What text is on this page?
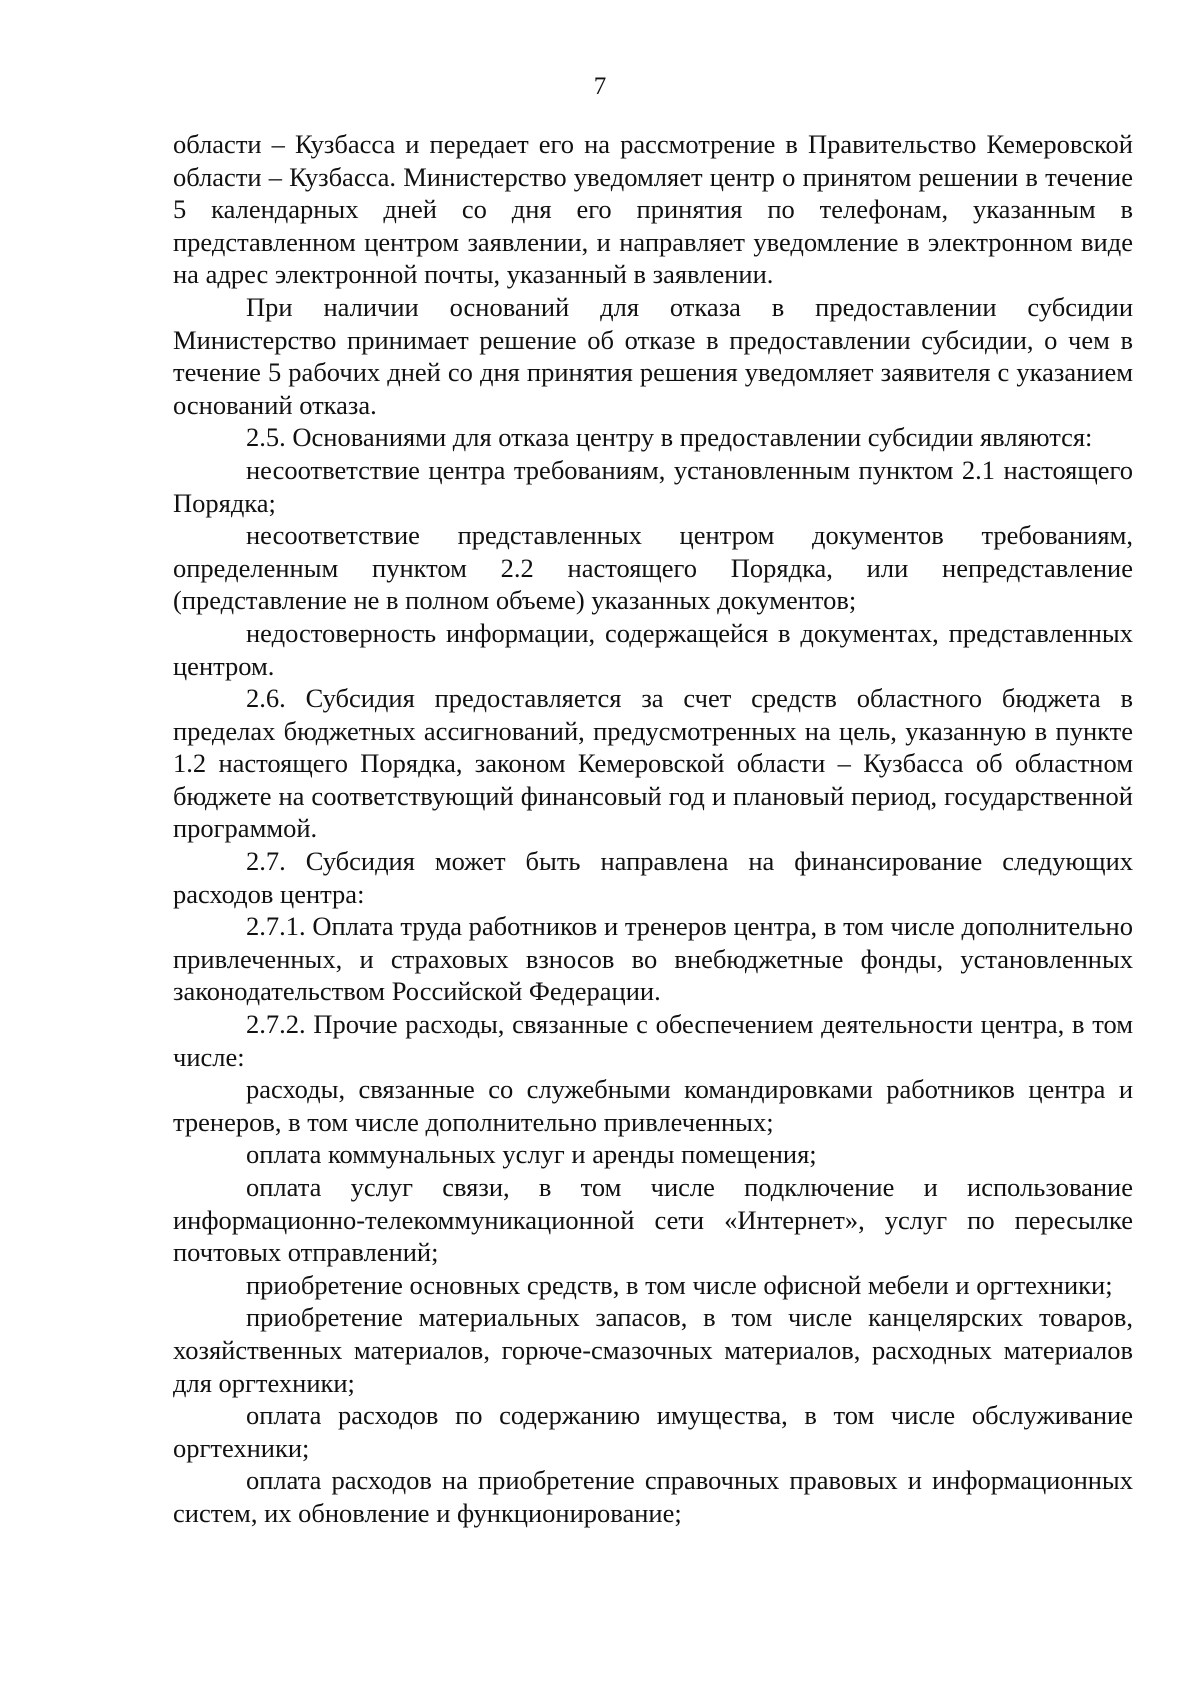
7

области – Кузбасса и передает его на рассмотрение в Правительство Кемеровской области – Кузбасса. Министерство уведомляет центр о принятом решении в течение 5 календарных дней со дня его принятия по телефонам, указанным в представленном центром заявлении, и направляет уведомление в электронном виде на адрес электронной почты, указанный в заявлении.

При наличии оснований для отказа в предоставлении субсидии Министерство принимает решение об отказе в предоставлении субсидии, о чем в течение 5 рабочих дней со дня принятия решения уведомляет заявителя с указанием оснований отказа.

2.5. Основаниями для отказа центру в предоставлении субсидии являются:

несоответствие центра требованиям, установленным пунктом 2.1 настоящего Порядка;

несоответствие представленных центром документов требованиям, определенным пунктом 2.2 настоящего Порядка, или непредставление (представление не в полном объеме) указанных документов;

недостоверность информации, содержащейся в документах, представленных центром.

2.6. Субсидия предоставляется за счет средств областного бюджета в пределах бюджетных ассигнований, предусмотренных на цель, указанную в пункте 1.2 настоящего Порядка, законом Кемеровской области – Кузбасса об областном бюджете на соответствующий финансовый год и плановый период, государственной программой.

2.7. Субсидия может быть направлена на финансирование следующих расходов центра:

2.7.1. Оплата труда работников и тренеров центра, в том числе дополнительно привлеченных, и страховых взносов во внебюджетные фонды, установленных законодательством Российской Федерации.

2.7.2. Прочие расходы, связанные с обеспечением деятельности центра, в том числе:

расходы, связанные со служебными командировками работников центра и тренеров, в том числе дополнительно привлеченных;

оплата коммунальных услуг и аренды помещения;

оплата услуг связи, в том числе подключение и использование информационно-телекоммуникационной сети «Интернет», услуг по пересылке почтовых отправлений;

приобретение основных средств, в том числе офисной мебели и оргтехники;

приобретение материальных запасов, в том числе канцелярских товаров, хозяйственных материалов, горюче-смазочных материалов, расходных материалов для оргтехники;

оплата расходов по содержанию имущества, в том числе обслуживание оргтехники;

оплата расходов на приобретение справочных правовых и информационных систем, их обновление и функционирование;
